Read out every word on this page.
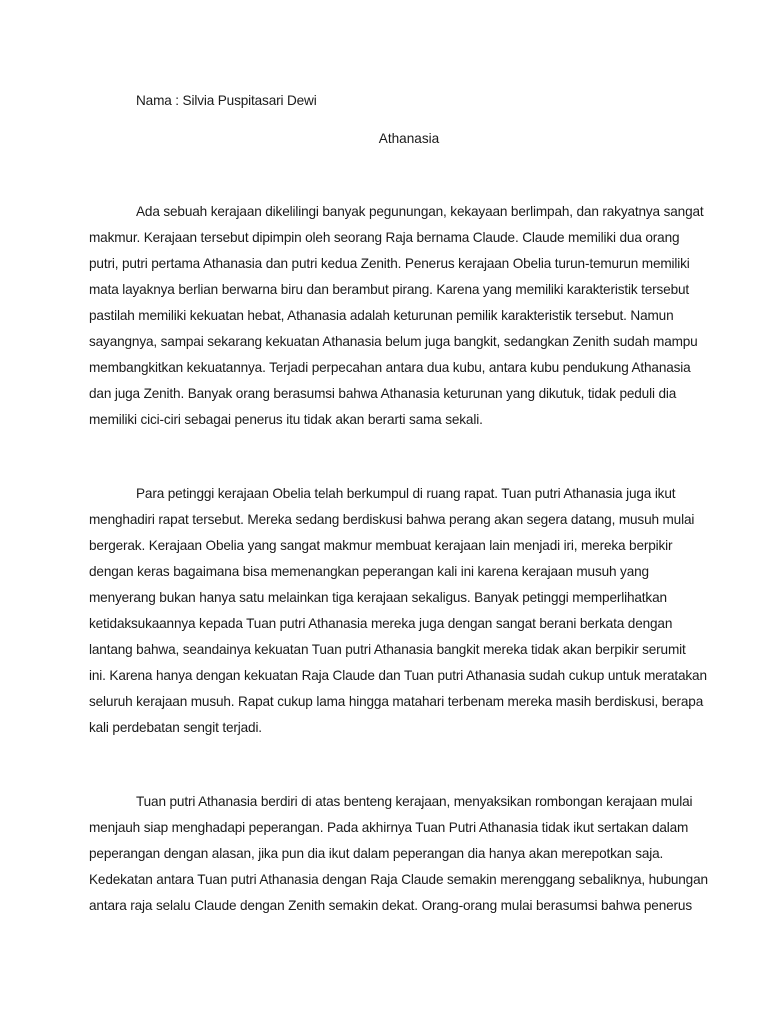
Nama : Silvia Puspitasari Dewi
Athanasia
Ada sebuah kerajaan dikelilingi banyak pegunungan, kekayaan berlimpah, dan rakyatnya sangat
makmur. Kerajaan tersebut dipimpin oleh seorang Raja bernama Claude. Claude memiliki dua orang
putri, putri pertama Athanasia dan putri kedua Zenith. Penerus kerajaan Obelia turun-temurun memiliki
mata layaknya berlian berwarna biru dan berambut pirang. Karena yang memiliki karakteristik tersebut
pastilah memiliki kekuatan hebat, Athanasia adalah keturunan pemilik karakteristik tersebut. Namun
sayangnya, sampai sekarang kekuatan Athanasia belum juga bangkit, sedangkan Zenith sudah mampu
membangkitkan kekuatannya. Terjadi perpecahan antara dua kubu, antara kubu pendukung Athanasia
dan juga Zenith. Banyak orang berasumsi bahwa Athanasia keturunan yang dikutuk, tidak peduli dia
memiliki cici-ciri sebagai penerus itu tidak akan berarti sama sekali.
Para petinggi kerajaan Obelia telah berkumpul di ruang rapat. Tuan putri Athanasia juga ikut
menghadiri rapat tersebut. Mereka sedang berdiskusi bahwa perang akan segera datang, musuh mulai
bergerak. Kerajaan Obelia yang sangat makmur membuat kerajaan lain menjadi iri, mereka berpikir
dengan keras bagaimana bisa memenangkan peperangan kali ini karena kerajaan musuh yang
menyerang bukan hanya satu melainkan tiga kerajaan sekaligus. Banyak petinggi memperlihatkan
ketidaksukaannya kepada Tuan putri Athanasia mereka juga dengan sangat berani berkata dengan
lantang bahwa, seandainya kekuatan Tuan putri Athanasia bangkit mereka tidak akan berpikir serumit
ini. Karena hanya dengan kekuatan Raja Claude dan Tuan putri Athanasia sudah cukup untuk meratakan
seluruh kerajaan musuh. Rapat cukup lama hingga matahari terbenam mereka masih berdiskusi, berapa
kali perdebatan sengit terjadi.
Tuan putri Athanasia berdiri di atas benteng kerajaan, menyaksikan rombongan kerajaan mulai
menjauh siap menghadapi peperangan. Pada akhirnya Tuan Putri Athanasia tidak ikut sertakan dalam
peperangan dengan alasan, jika pun dia ikut dalam peperangan dia hanya akan merepotkan saja.
Kedekatan antara Tuan putri Athanasia dengan Raja Claude semakin merenggang sebaliknya, hubungan
antara raja selalu Claude dengan Zenith semakin dekat. Orang-orang mulai berasumsi bahwa penerus
